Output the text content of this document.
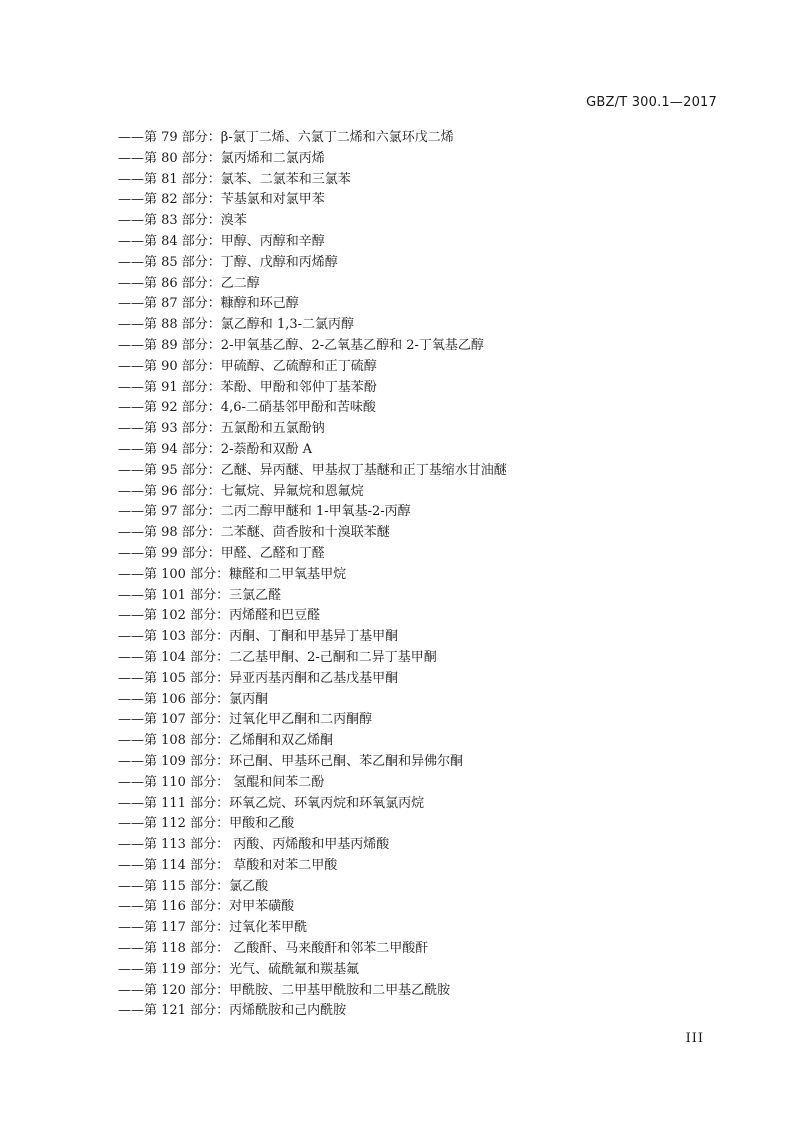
GBZ/T 300.1—2017
——第 79 部分：β-氯丁二烯、六氯丁二烯和六氯环戊二烯
——第 80 部分：氯丙烯和二氯丙烯
——第 81 部分：氯苯、二氯苯和三氯苯
——第 82 部分：苄基氯和对氯甲苯
——第 83 部分：溴苯
——第 84 部分：甲醇、丙醇和辛醇
——第 85 部分：丁醇、戊醇和丙烯醇
——第 86 部分：乙二醇
——第 87 部分：糠醇和环己醇
——第 88 部分：氯乙醇和 1,3-二氯丙醇
——第 89 部分：2-甲氧基乙醇、2-乙氧基乙醇和 2-丁氧基乙醇
——第 90 部分：甲硫醇、乙硫醇和正丁硫醇
——第 91 部分：苯酚、甲酚和邻仲丁基苯酚
——第 92 部分：4,6-二硝基邻甲酚和苦味酸
——第 93 部分：五氯酚和五氯酚钠
——第 94 部分：2-萘酚和双酚 A
——第 95 部分：乙醚、异丙醚、甲基叔丁基醚和正丁基缩水甘油醚
——第 96 部分：七氟烷、异氟烷和恩氟烷
——第 97 部分：二丙二醇甲醚和 1-甲氧基-2-丙醇
——第 98 部分：二苯醚、茴香胺和十溴联苯醚
——第 99 部分：甲醛、乙醛和丁醛
——第 100 部分：糠醛和二甲氧基甲烷
——第 101 部分：三氯乙醛
——第 102 部分：丙烯醛和巴豆醛
——第 103 部分：丙酮、丁酮和甲基异丁基甲酮
——第 104 部分：二乙基甲酮、2-己酮和二异丁基甲酮
——第 105 部分：异亚丙基丙酮和乙基戊基甲酮
——第 106 部分：氯丙酮
——第 107 部分：过氧化甲乙酮和二丙酮醇
——第 108 部分：乙烯酮和双乙烯酮
——第 109 部分：环己酮、甲基环己酮、苯乙酮和异佛尔酮
——第 110 部分： 氢醌和间苯二酚
——第 111 部分：环氧乙烷、环氧丙烷和环氧氯丙烷
——第 112 部分：甲酸和乙酸
——第 113 部分： 丙酸、丙烯酸和甲基丙烯酸
——第 114 部分： 草酸和对苯二甲酸
——第 115 部分：氯乙酸
——第 116 部分：对甲苯磺酸
——第 117 部分：过氧化苯甲酰
——第 118 部分： 乙酸酐、马来酸酐和邻苯二甲酸酐
——第 119 部分：光气、硫酰氟和羰基氟
——第 120 部分：甲酰胺、二甲基甲酰胺和二甲基乙酰胺
——第 121 部分：丙烯酰胺和己内酰胺
III
